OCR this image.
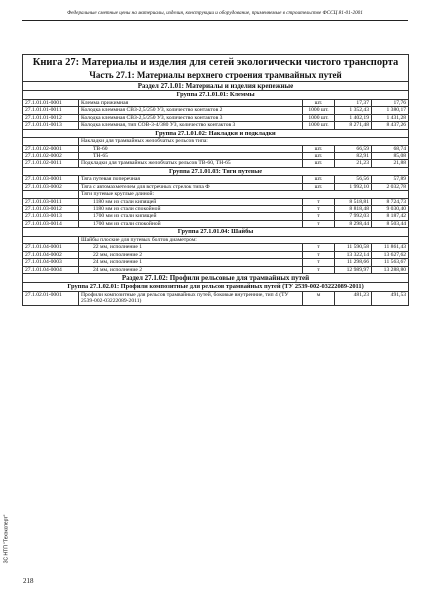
Федеральные сметные цены на материалы, изделия, конструкции и оборудование, применяемые в строительстве ФССЦ 81-01-2001
Книга 27: Материалы и изделия для сетей экологически чистого транспорта				
Часть 27.1: Материалы верхнего строения трамвайных путей				
Раздел 27.1.01: Материалы и изделия крепежные				
Группа 27.1.01.01: Клеммы				
27.1.01.01-0001	Клемма прижимная	шт.	17,37	17,76
27.1.01.01-0011	Колодка клеммная СВЗ-2,5/250 УЗ, количество контактов 2	1000 шт.	1 352,43	1 380,17
27.1.01.01-0012	Колодка клеммная СВЗ-2,5/250 УЗ, количество контактов 3	1000 шт.	1 402,19	1 431,28
27.1.01.01-0013	Колодка клеммная, тип СОВ-3-4/380 УЗ, количество контактов 3	1000 шт.	8 271,48	8 437,26
Группа 27.1.01.02: Накладки и подкладки				
	Накладки для трамвайных желобчатых рельсов типа:			
27.1.01.02-0001	ТВ-60	шт.	66,59	68,74
27.1.01.02-0002	ТН-65	шт.	82,91	85,08
27.1.01.02-0011	Подкладки для трамвайных желобчатых рельсов ТВ-60, ТН-65	шт.	21,23	21,88
Группа 27.1.01.03: Тяги путевые				
27.1.01.03-0001	Тяга путевая поперечная	шт.	56,56	57,89
27.1.01.03-0002	Тяга с автомахметелем для встречных стрелок типа Ф	шт.	1 992,10	2 032,78
	Тяги путевые круглые длиной:			
27.1.01.03-0011	1180 мм из стали кипящей	т	8 518,81	8 724,73
27.1.01.03-0012	1180 мм из стали спокойной	т	8 818,48	9 030,40
27.1.01.03-0013	1700 мм из стали кипящей	т	7 992,03	8 187,42
27.1.01.03-0014	1700 мм из стали спокойной	т	8 298,44	8 503,44
Группа 27.1.01.04: Шайбы				
	Шайбы плоские для путевых болтов диаметром:			
27.1.01.04-0001	22 мм, исполнение 1	т	11 590,58	11 861,43
27.1.01.04-0002	22 мм, исполнение 2	т	13 322,14	13 627,62
27.1.01.04-0003	24 мм, исполнение 1	т	11 298,66	11 563,67
27.1.01.04-0004	24 мм, исполнение 2	т	12 989,97	13 288,80
Раздел 27.1.02: Профили рельсовые для трамвайных путей				
Группа 27.1.02.01: Профили композитные для рельсов трамвайных путей (ТУ 2539-002-03222089-2011)				
27.1.02.01-0001	Профили композитные для рельсов трамвайных путей, боковые внутренние, тип 4 (ТУ 2539-002-03222089-2011)	м	481,23	491,53
ЗС НТП "Техэксперт"
218
